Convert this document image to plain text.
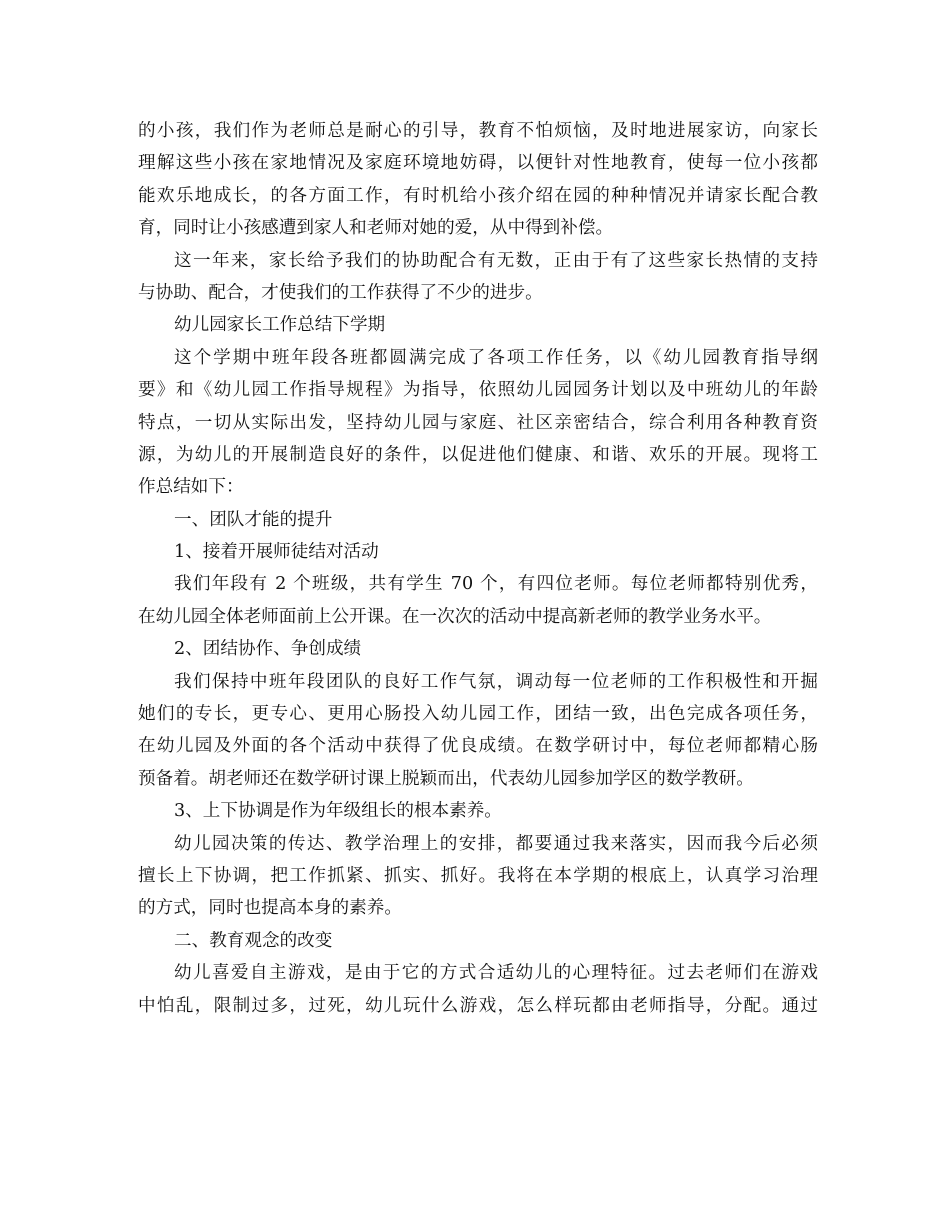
的小孩，我们作为老师总是耐心的引导，教育不怕烦恼，及时地进展家访，向家长
理解这些小孩在家地情况及家庭环境地妨碍，以便针对性地教育，使每一位小孩都
能欢乐地成长，的各方面工作，有时机给小孩介绍在园的种种情况并请家长配合教
育，同时让小孩感遭到家人和老师对她的爱，从中得到补偿。
这一年来，家长给予我们的协助配合有无数，正由于有了这些家长热情的支持
与协助、配合，才使我们的工作获得了不少的进步。
幼儿园家长工作总结下学期
这个学期中班年段各班都圆满完成了各项工作任务，以《幼儿园教育指导纲
要》和《幼儿园工作指导规程》为指导，依照幼儿园园务计划以及中班幼儿的年龄
特点，一切从实际出发，坚持幼儿园与家庭、社区亲密结合，综合利用各种教育资
源，为幼儿的开展制造良好的条件，以促进他们健康、和谐、欢乐的开展。现将工
作总结如下：
一、团队才能的提升
1、接着开展师徒结对活动
我们年段有 2 个班级，共有学生 70 个，有四位老师。每位老师都特别优秀，
在幼儿园全体老师面前上公开课。在一次次的活动中提高新老师的教学业务水平。
2、团结协作、争创成绩
我们保持中班年段团队的良好工作气氛，调动每一位老师的工作积极性和开掘
她们的专长，更专心、更用心肠投入幼儿园工作，团结一致，出色完成各项任务，
在幼儿园及外面的各个活动中获得了优良成绩。在数学研讨中，每位老师都精心肠
预备着。胡老师还在数学研讨课上脱颖而出，代表幼儿园参加学区的数学教研。
3、上下协调是作为年级组长的根本素养。
幼儿园决策的传达、教学治理上的安排，都要通过我来落实，因而我今后必须
擅长上下协调，把工作抓紧、抓实、抓好。我将在本学期的根底上，认真学习治理
的方式，同时也提高本身的素养。
二、教育观念的改变
幼儿喜爱自主游戏，是由于它的方式合适幼儿的心理特征。过去老师们在游戏
中怕乱，限制过多，过死，幼儿玩什么游戏，怎么样玩都由老师指导，分配。通过
